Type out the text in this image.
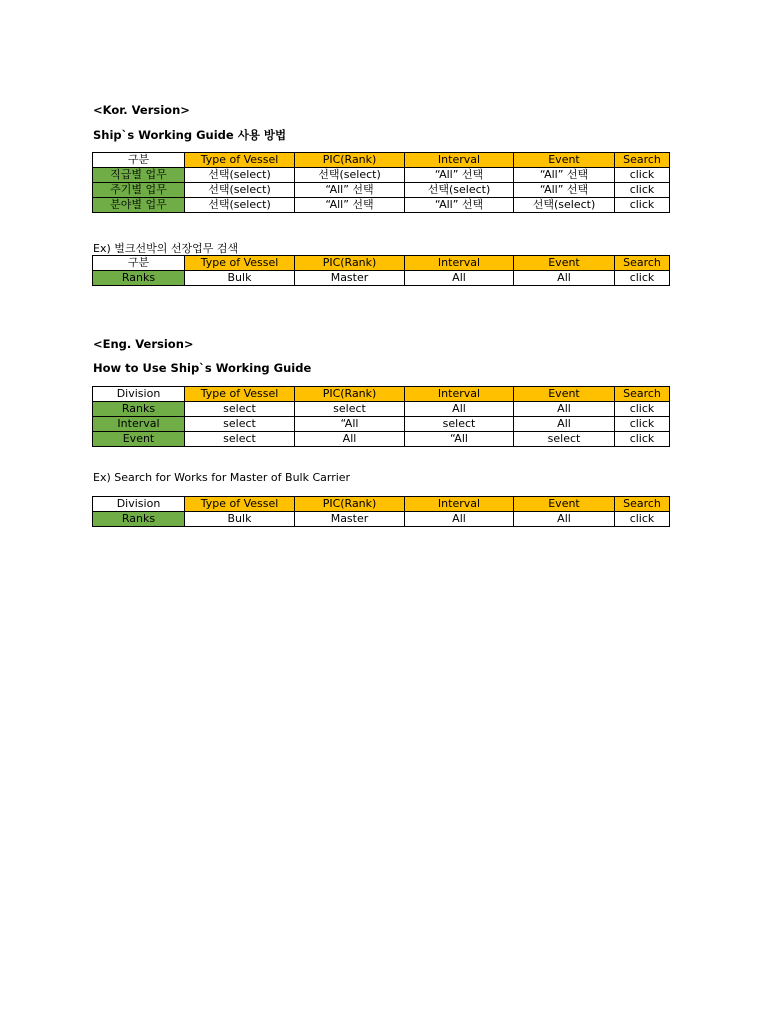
<Kor. Version>
Ship`s Working Guide 사용 방법
구분	Type of Vessel	PIC(Rank)	Interval	Event	Search
직급별 업무	선택(select)	선택(select)	“All” 선택	“All” 선택	click
주기별 업무	선택(select)	“All” 선택	선택(select)	“All” 선택	click
분야별 업무	선택(select)	“All” 선택	“All” 선택	선택(select)	click
Ex) 벌크선박의 선장업무 검색
구분	Type of Vessel	PIC(Rank)	Interval	Event	Search
Ranks	Bulk	Master	All	All	click
<Eng. Version>
How to Use Ship`s Working Guide
Division	Type of Vessel	PIC(Rank)	Interval	Event	Search
Ranks	select	select	All	All	click
Interval	select	“All	select	All	click
Event	select	All	“All	select	click
Ex) Search for Works for Master of Bulk Carrier
Division	Type of Vessel	PIC(Rank)	Interval	Event	Search
Ranks	Bulk	Master	All	All	click
